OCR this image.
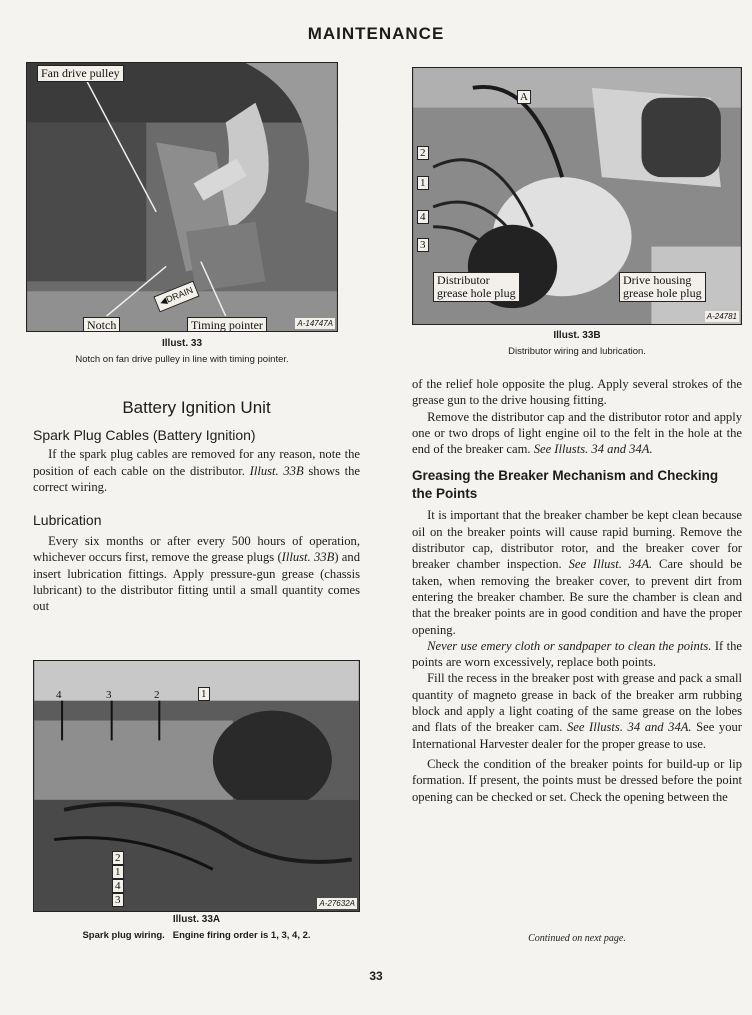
MAINTENANCE
Fan drive pulley
◀DRAIN
Notch	Timing pointer	A-14747A
Illust. 33
Notch on fan drive pulley in line with timing pointer.
A
2
1
4
3
Distributor
grease hole plug
Drive housing
grease hole plug
A-24781
Illust. 33B
Distributor wiring and lubrication.
Battery Ignition Unit
Spark Plug Cables (Battery Ignition)

If the spark plug cables are removed for any reason, note the position of each cable on the distributor. Illust. 33B shows the correct wiring.

Lubrication

Every six months or after every 500 hours of operation, whichever occurs first, remove the grease plugs (Illust. 33B) and insert lubrication fittings. Apply pressure-gun grease (chassis lubricant) to the distributor fitting until a small quantity comes out

4	3	2	1
2
1
4
3	A-27632A
Illust. 33A
Spark plug wiring.   Engine firing order is 1, 3, 4, 2.

of the relief hole opposite the plug. Apply several strokes of the grease gun to the drive housing fitting.

Remove the distributor cap and the distributor rotor and apply one or two drops of light engine oil to the felt in the hole at the end of the breaker cam. See Illusts. 34 and 34A.

Greasing the Breaker Mechanism and Checking the Points

It is important that the breaker chamber be kept clean because oil on the breaker points will cause rapid burning. Remove the distributor cap, distributor rotor, and the breaker cover for breaker chamber inspection. See Illust. 34A. Care should be taken, when removing the breaker cover, to prevent dirt from entering the breaker chamber. Be sure the chamber is clean and that the breaker points are in good condition and have the proper opening.

Never use emery cloth or sandpaper to clean the points. If the points are worn excessively, replace both points.

Fill the recess in the breaker post with grease and pack a small quantity of magneto grease in back of the breaker arm rubbing block and apply a light coating of the same grease on the lobes and flats of the breaker cam. See Illusts. 34 and 34A. See your International Harvester dealer for the proper grease to use.

Check the condition of the breaker points for build-up or lip formation. If present, the points must be dressed before the point opening can be checked or set. Check the opening between the

Continued on next page.
33
